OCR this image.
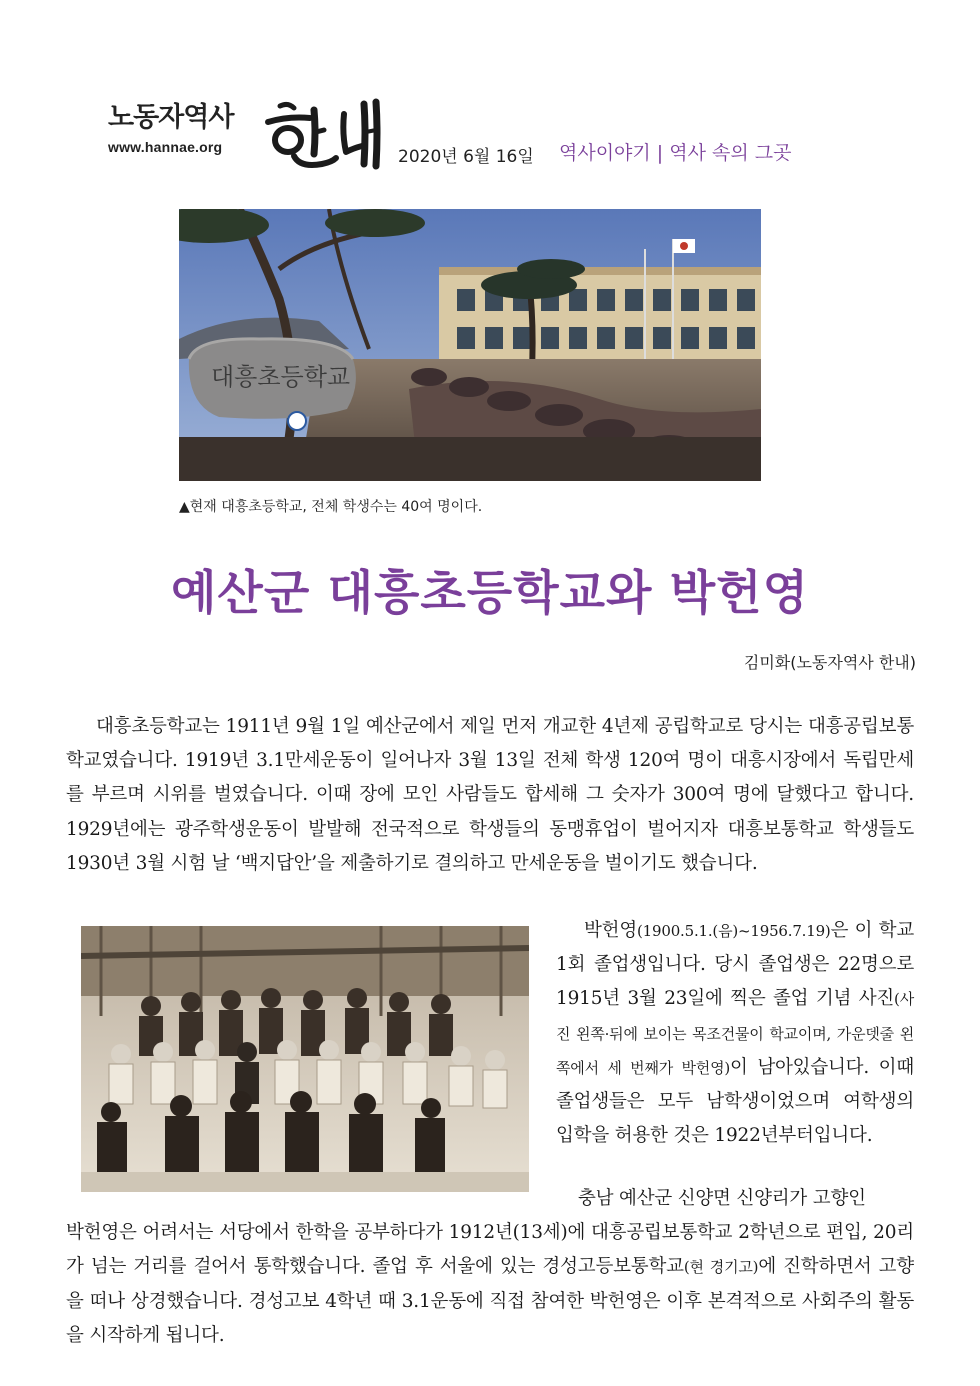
노동자역사
www.hannae.org	2020년 6월 16일 역사이야기 | 역사 속의 그곳
대흥초등학교
▲현재 대흥초등학교, 전체 학생수는 40여 명이다.
예산군 대흥초등학교와 박헌영
김미화(노동자역사 한내)

대흥초등학교는 1911년 9월 1일 예산군에서 제일 먼저 개교한 4년제 공립학교로 당시는 대흥공립보통학교였습니다. 1919년 3.1만세운동이 일어나자 3월 13일 전체 학생 120여 명이 대흥시장에서 독립만세를 부르며 시위를 벌였습니다. 이때 장에 모인 사람들도 합세해 그 숫자가 300여 명에 달했다고 합니다. 1929년에는 광주학생운동이 발발해 전국적으로 학생들의 동맹휴업이 벌어지자 대흥보통학교 학생들도 1930년 3월 시험 날 ‘백지답안’을 제출하기로 결의하고 만세운동을 벌이기도 했습니다.

박헌영(1900.5.1.(음)~1956.7.19)은 이 학교 1회 졸업생입니다. 당시 졸업생은 22명으로 1915년 3월 23일에 찍은 졸업 기념 사진(사진 왼쪽·뒤에 보이는 목조건물이 학교이며, 가운뎃줄 왼쪽에서 세 번째가 박헌영)이 남아있습니다. 이때 졸업생들은 모두 남학생이었으며 여학생의 입학을 허용한 것은 1922년부터입니다.

충남 예산군 신양면 신양리가 고향인
박헌영은 어려서는 서당에서 한학을 공부하다가 1912년(13세)에 대흥공립보통학교 2학년으로 편입, 20리가 넘는 거리를 걸어서 통학했습니다. 졸업 후 서울에 있는 경성고등보통학교(현 경기고)에 진학하면서 고향을 떠나 상경했습니다. 경성고보 4학년 때 3.1운동에 직접 참여한 박헌영은 이후 본격적으로 사회주의 활동을 시작하게 됩니다.
